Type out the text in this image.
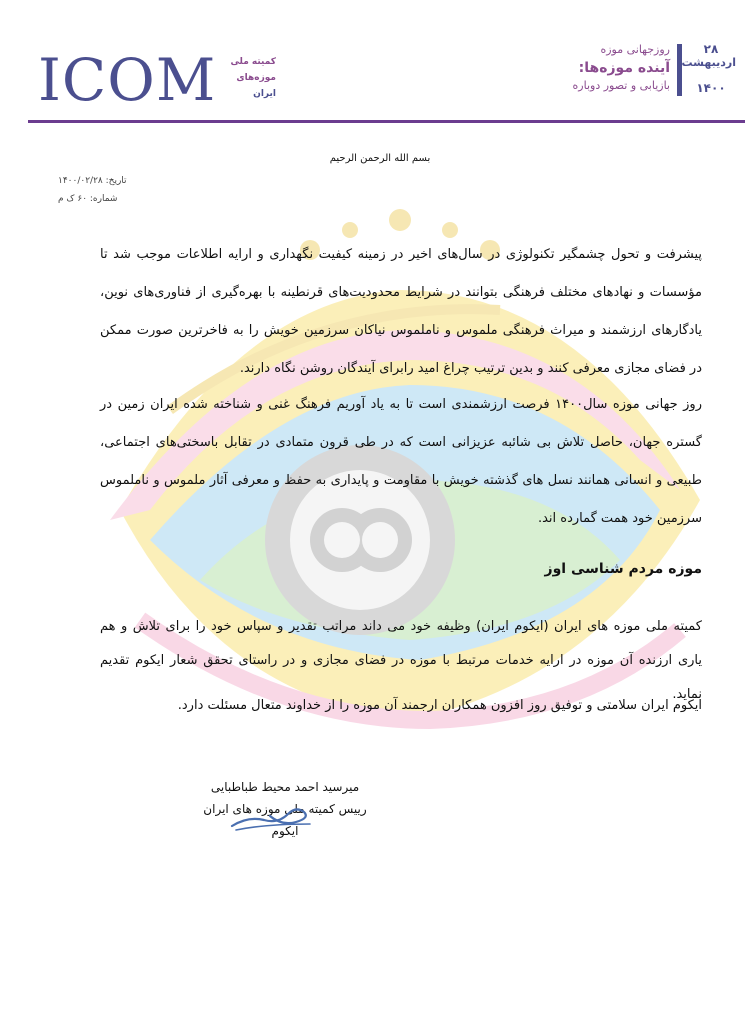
ICOM	کمیته ملی
موزه‌های
ایران
۲۸
اردیبهشت
۱۴۰۰
روزجهانی موزه
آینده موزه‌ها:
بازیابی و تصور دوباره
بسم الله الرحمن الرحیم
تاریخ: ۱۴۰۰/۰۲/۲۸
شماره: ۶۰ ک م
پیشرفت و تحول چشمگیر تکنولوژی در سال‌های اخیر در زمینه کیفیت نگهداری و ارایه اطلاعات موجب شد تا مؤسسات و نهادهای مختلف فرهنگی بتوانند در شرایط محدودیت‌های قرنطینه با بهره‌گیری از فناوری‌های نوین، یادگارهای ارزشمند و میراث فرهنگی ملموس و ناملموس نیاکان سرزمین خویش را به فاخرترین صورت ممکن در فضای مجازی معرفی کنند و بدین ترتیب چراغ امید رابرای آیندگان روشن نگاه دارند.
روز جهانی موزه سال۱۴۰۰ فرصت ارزشمندی است تا به یاد آوریم فرهنگ غنی و شناخته شده ایران زمین در گستره جهان، حاصل تلاش بی شائبه عزیزانی است که در طی قرون متمادی در تقابل باسختی‌های اجتماعی، طبیعی و انسانی همانند نسل های گذشته خویش با مقاومت و پایداری به حفظ و معرفی آثار ملموس و ناملموس سرزمین خود همت گمارده اند.
موزه مردم شناسی اوز
کمیته ملی موزه های ایران (ایکوم ایران) وظیفه خود می داند مراتب تقدیر و سپاس خود را برای تلاش و هم یاری ارزنده آن موزه در ارایه خدمات مرتبط با موزه در فضای مجازی و در راستای تحقق شعار ایکوم تقدیم نماید.
ایکوم ایران سلامتی و توفیق روز افزون همکاران ارجمند آن موزه را از خداوند متعال مسئلت دارد.
میرسید احمد محیط طباطبایی
رییس کمیته ملی موزه های ایران
ایکوم
